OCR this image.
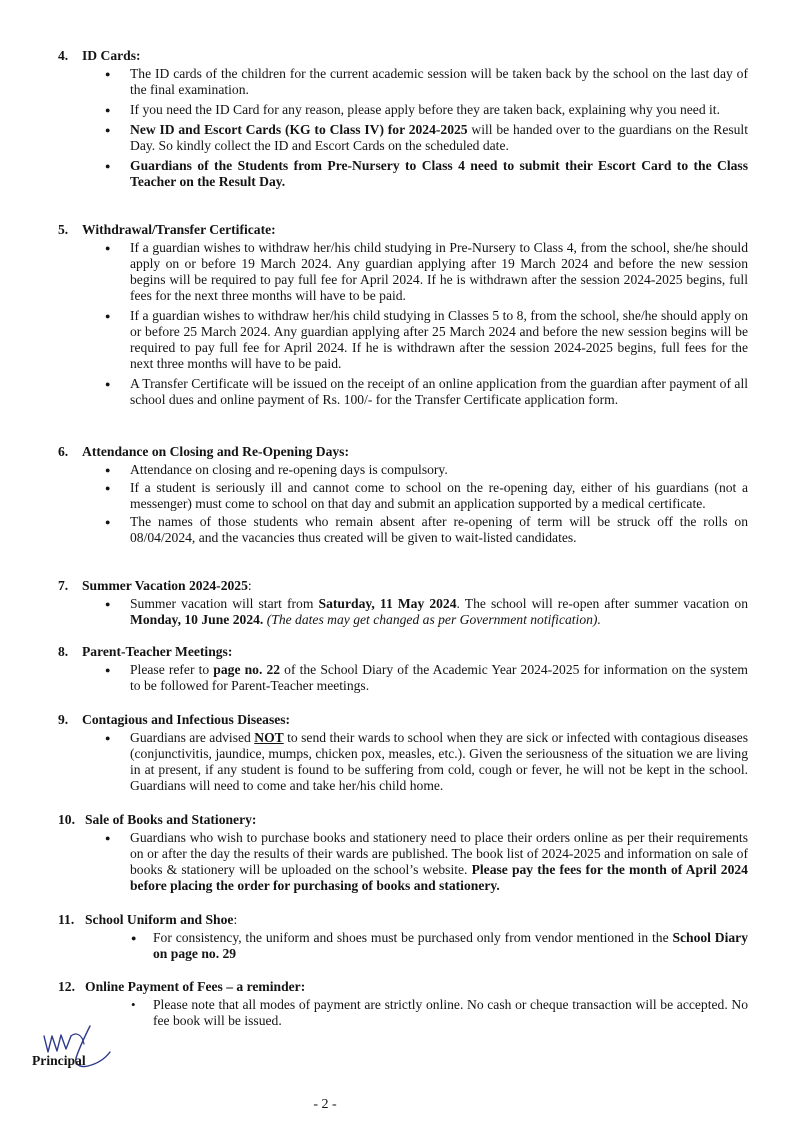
4.	ID Cards:
● The ID cards of the children for the current academic session will be taken back by the school on the last day of the final examination.
● If you need the ID Card for any reason, please apply before they are taken back, explaining why you need it.
● New ID and Escort Cards (KG to Class IV) for 2024-2025 will be handed over to the guardians on the Result Day. So kindly collect the ID and Escort Cards on the scheduled date.
● Guardians of the Students from Pre-Nursery to Class 4 need to submit their Escort Card to the Class Teacher on the Result Day.
5.	Withdrawal/Transfer Certificate:
● If a guardian wishes to withdraw her/his child studying in Pre-Nursery to Class 4, from the school, she/he should apply on or before 19 March 2024. Any guardian applying after 19 March 2024 and before the new session begins will be required to pay full fee for April 2024. If he is withdrawn after the session 2024-2025 begins, full fees for the next three months will have to be paid.
● If a guardian wishes to withdraw her/his child studying in Classes 5 to 8, from the school, she/he should apply on or before 25 March 2024. Any guardian applying after 25 March 2024 and before the new session begins will be required to pay full fee for April 2024. If he is withdrawn after the session 2024-2025 begins, full fees for the next three months will have to be paid.
● A Transfer Certificate will be issued on the receipt of an online application from the guardian after payment of all school dues and online payment of Rs. 100/- for the Transfer Certificate application form.
6.	Attendance on Closing and Re-Opening Days:
● Attendance on closing and re-opening days is compulsory.
● If a student is seriously ill and cannot come to school on the re-opening day, either of his guardians (not a messenger) must come to school on that day and submit an application supported by a medical certificate.
● The names of those students who remain absent after re-opening of term will be struck off the rolls on 08/04/2024, and the vacancies thus created will be given to wait-listed candidates.
7.	Summer Vacation 2024-2025 :
● Summer vacation will start from Saturday, 11 May 2024. The school will re-open after summer vacation on Monday, 10 June 2024. (The dates may get changed as per Government notification).
8.	Parent-Teacher Meetings:
● Please refer to page no. 22 of the School Diary of the Academic Year 2024-2025 for information on the system to be followed for Parent-Teacher meetings.
9.	Contagious and Infectious Diseases:
● Guardians are advised NOT to send their wards to school when they are sick or infected with contagious diseases (conjunctivitis, jaundice, mumps, chicken pox, measles, etc.). Given the seriousness of the situation we are living in at present, if any student is found to be suffering from cold, cough or fever, he will not be kept in the school. Guardians will need to come and take her/his child home.
10. Sale of Books and Stationery:
● Guardians who wish to purchase books and stationery need to place their orders online as per their requirements on or after the day the results of their wards are published. The book list of 2024-2025 and information on sale of books & stationery will be uploaded on the school’s website. Please pay the fees for the month of April 2024 before placing the order for purchasing of books and stationery.
11. School Uniform and Shoe :
● For consistency, the uniform and shoes must be purchased only from vendor mentioned in the School Diary on page no. 29
12. Online Payment of Fees – a reminder:
• Please note that all modes of payment are strictly online. No cash or cheque transaction will be accepted. No fee book will be issued.
Principal
- 2 -
